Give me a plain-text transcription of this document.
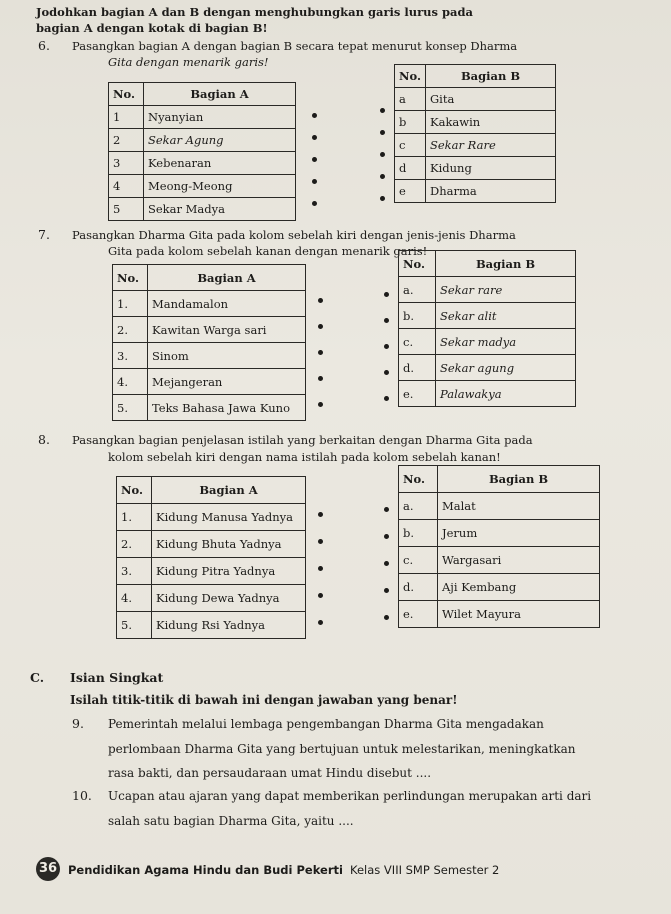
Jodohkan bagian A dan B dengan menghubungkan garis lurus pada
bagian A dengan kotak di bagian B!
6. Pasangkan bagian A dengan bagian B secara tepat menurut konsep Dharma
Gita dengan menarik garis!
No.	Bagian A
1	Nyanyian
2	Sekar Agung
3	Kebenaran
4	Meong-Meong
5	Sekar Madya
No.	Bagian B
a	Gita
b	Kakawin
c	Sekar Rare
d	Kidung
e	Dharma
7. Pasangkan Dharma Gita pada kolom sebelah kiri dengan jenis-jenis Dharma
Gita pada kolom sebelah kanan dengan menarik garis!
No.	Bagian A
1.	Mandamalon
2.	Kawitan Warga sari
3.	Sinom
4.	Mejangeran
5.	Teks Bahasa Jawa Kuno
No.	Bagian B
a.	Sekar rare
b.	Sekar alit
c.	Sekar madya
d.	Sekar agung
e.	Palawakya
8. Pasangkan bagian penjelasan istilah yang berkaitan dengan Dharma Gita pada
kolom sebelah kiri dengan nama istilah pada kolom sebelah kanan!
No.	Bagian A
1.	Kidung Manusa Yadnya
2.	Kidung Bhuta Yadnya
3.	Kidung Pitra Yadnya
4.	Kidung Dewa Yadnya
5.	Kidung Rsi Yadnya
No.	Bagian B
a.	Malat
b.	Jerum
c.	Wargasari
d.	Aji Kembang
e.	Wilet Mayura
C. Isian Singkat
Isilah titik-titik di bawah ini dengan jawaban yang benar!
9. Pemerintah melalui lembaga pengembangan Dharma Gita mengadakan
perlombaan Dharma Gita yang bertujuan untuk melestarikan, meningkatkan
rasa bakti, dan persaudaraan umat Hindu disebut ....
10. Ucapan atau ajaran yang dapat memberikan perlindungan merupakan arti dari
salah satu bagian Dharma Gita, yaitu ....
36 Pendidikan Agama Hindu dan Budi Pekerti Kelas VIII SMP Semester 2
